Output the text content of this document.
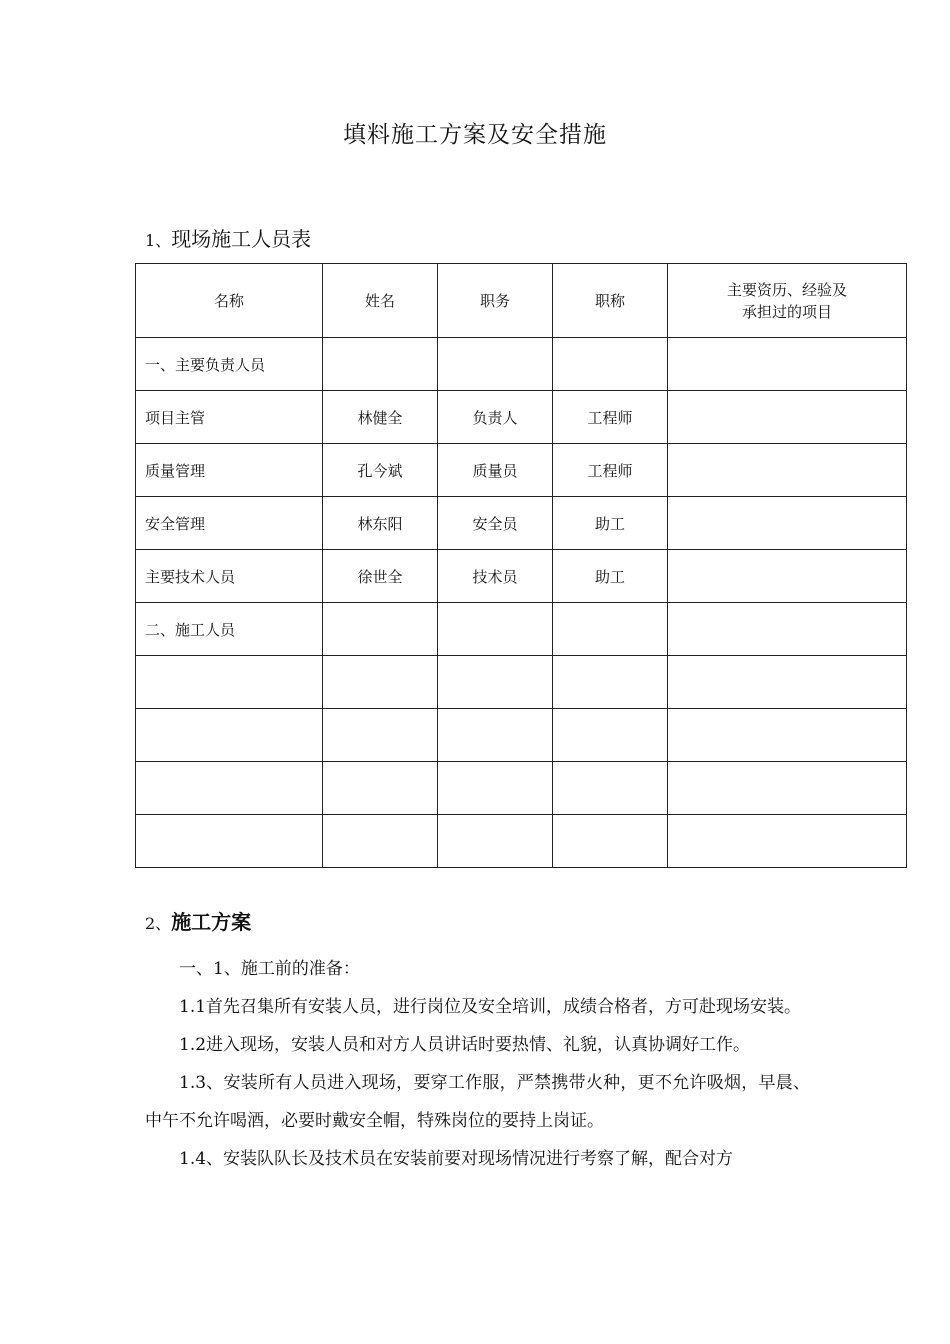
填料施工方案及安全措施
1、现场施工人员表
名称	姓名	职务	职称	主要资历、经验及
承担过的项目
一、主要负责人员				
项目主管	林健全	负责人	工程师	
质量管理	孔今斌	质量员	工程师	
安全管理	林东阳	安全员	助工	
主要技术人员	徐世全	技术员	助工	
二、施工人员				

2、施工方案

一、1、施工前的准备：

1.1首先召集所有安装人员，进行岗位及安全培训，成绩合格者，方可赴现场安装。

1.2进入现场，安装人员和对方人员讲话时要热情、礼貌，认真协调好工作。

1.3、安装所有人员进入现场，要穿工作服，严禁携带火种，更不允许吸烟，早晨、中午不允许喝酒，必要时戴安全帽，特殊岗位的要持上岗证。

1.4、安装队队长及技术员在安装前要对现场情况进行考察了解，配合对方
